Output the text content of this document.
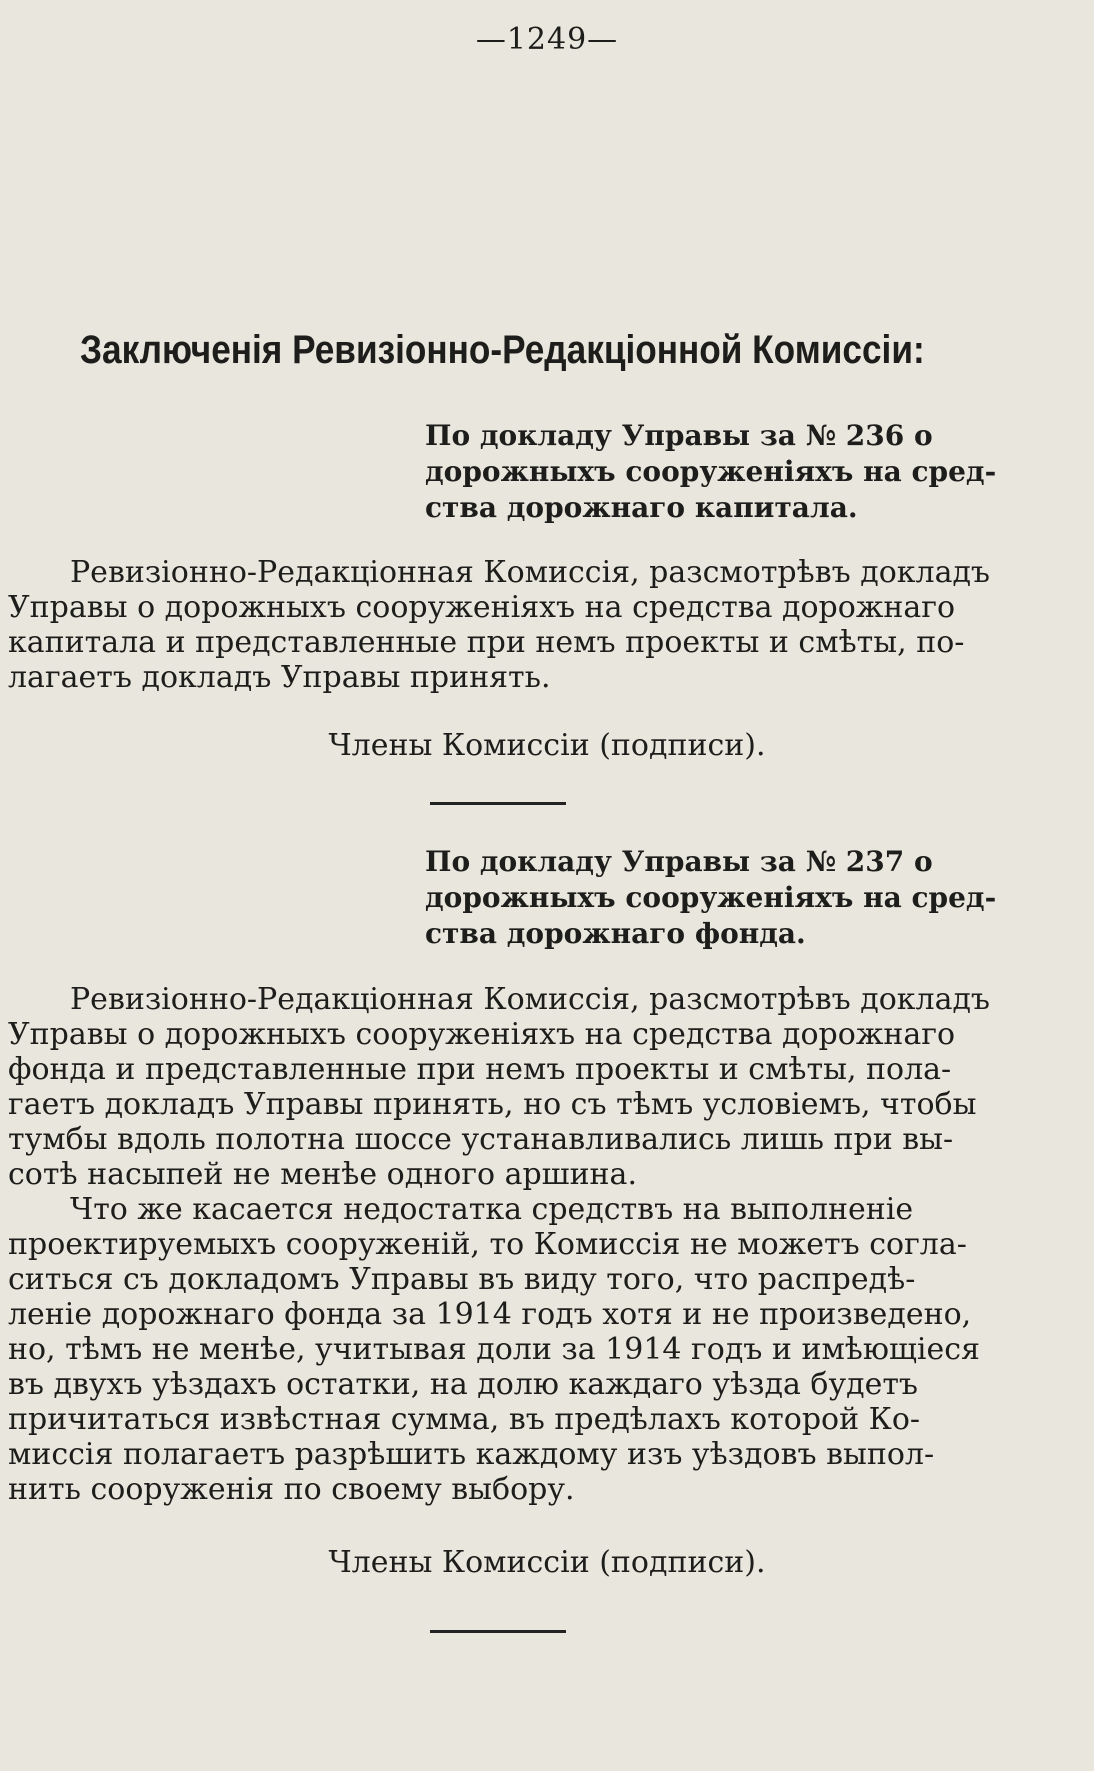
—1249—
Заключенія Ревизіонно-Редакціонной Комиссіи:
По докладу Управы за № 236 о
дорожныхъ сооруженіяхъ на сред-
ства дорожнаго капитала.
Ревизіонно-Редакціонная Комиссія, разсмотрѣвъ докладъ
Управы о дорожныхъ сооруженіяхъ на средства дорожнаго
капитала и представленные при немъ проекты и смѣты, по-
лагаетъ докладъ Управы принять.
Члены Комиссіи (подписи).
По докладу Управы за № 237 о
дорожныхъ сооруженіяхъ на сред-
ства дорожнаго фонда.
Ревизіонно-Редакціонная Комиссія, разсмотрѣвъ докладъ
Управы о дорожныхъ сооруженіяхъ на средства дорожнаго
фонда и представленные при немъ проекты и смѣты, пола-
гаетъ докладъ Управы принять, но съ тѣмъ условіемъ, чтобы
тумбы вдоль полотна шоссе устанавливались лишь при вы-
сотѣ насыпей не менѣе одного аршина.
Что же касается недостатка средствъ на выполненіе
проектируемыхъ сооруженій, то Комиссія не можетъ согла-
ситься съ докладомъ Управы въ виду того, что распредѣ-
леніе дорожнаго фонда за 1914 годъ хотя и не произведено,
но, тѣмъ не менѣе, учитывая доли за 1914 годъ и имѣющіеся
въ двухъ уѣздахъ остатки, на долю каждаго уѣзда будетъ
причитаться извѣстная сумма, въ предѣлахъ которой Ко-
миссія полагаетъ разрѣшить каждому изъ уѣздовъ выпол-
нить сооруженія по своему выбору.
Члены Комиссіи (подписи).
